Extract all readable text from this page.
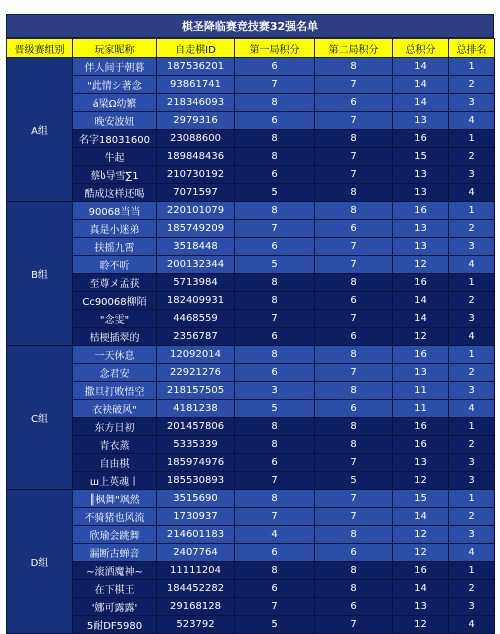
棋圣降临赛竞技赛32强名单
晋级赛组别	玩家昵称	自走棋ID	第一局积分	第二局积分	总积分	总排名
A组	伴人间于朝暮	187536201	6	8	14	1
	"此情シ著念	93861741	7	7	14	2
	á梁Ω幼繁	218346093	8	6	14	3
	晚安波妞	2979316	6	7	13	4
	名字18031600	23088600	8	8	16	1
	牛起	189848436	8	7	15	2
	蔡ს导雪∑1	210730192	6	7	13	3
	酷成这样还喝	7071597	5	8	13	4
B组	90068当当	220101079	8	8	16	1
	真是小迷弟	185749209	7	6	13	2
	扶摇九霄	3518448	6	7	13	3
	聆不听	200132344	5	7	12	4
	至尊メ孟获	5713984	8	8	16	1
	Cc90068柳陌	182409931	8	6	14	2
	"念雯"	4468559	7	7	14	3
	桔梗插翠的	2356787	6	6	12	4
C组	一天休息	12092014	8	8	16	1
	念君安	22921276	6	7	13	2
	撒旦打败悟空	218157505	3	8	11	3
	衣袂破风"	4181238	5	6	11	4
	东方日初	201457806	8	8	16	1
	青衣蒸	5335339	8	8	16	2
	自由棋	185974976	6	7	13	3
	ш上英魂丨	185530893	7	5	12	3
D组	║枫舞"飒然	3515690	8	7	15	1
	不骑猪也风流	1730937	7	7	14	2
	欣瑜会跳舞	214601183	4	8	12	3
	漏断古蝉音	2407764	6	6	12	4
	~滚洒魔神~	11111204	8	8	16	1
	在下棋王	184452282	6	8	14	2
	'娜可露露'	29168128	7	6	13	3
	5耐DF5980	523792	5	7	12	4
